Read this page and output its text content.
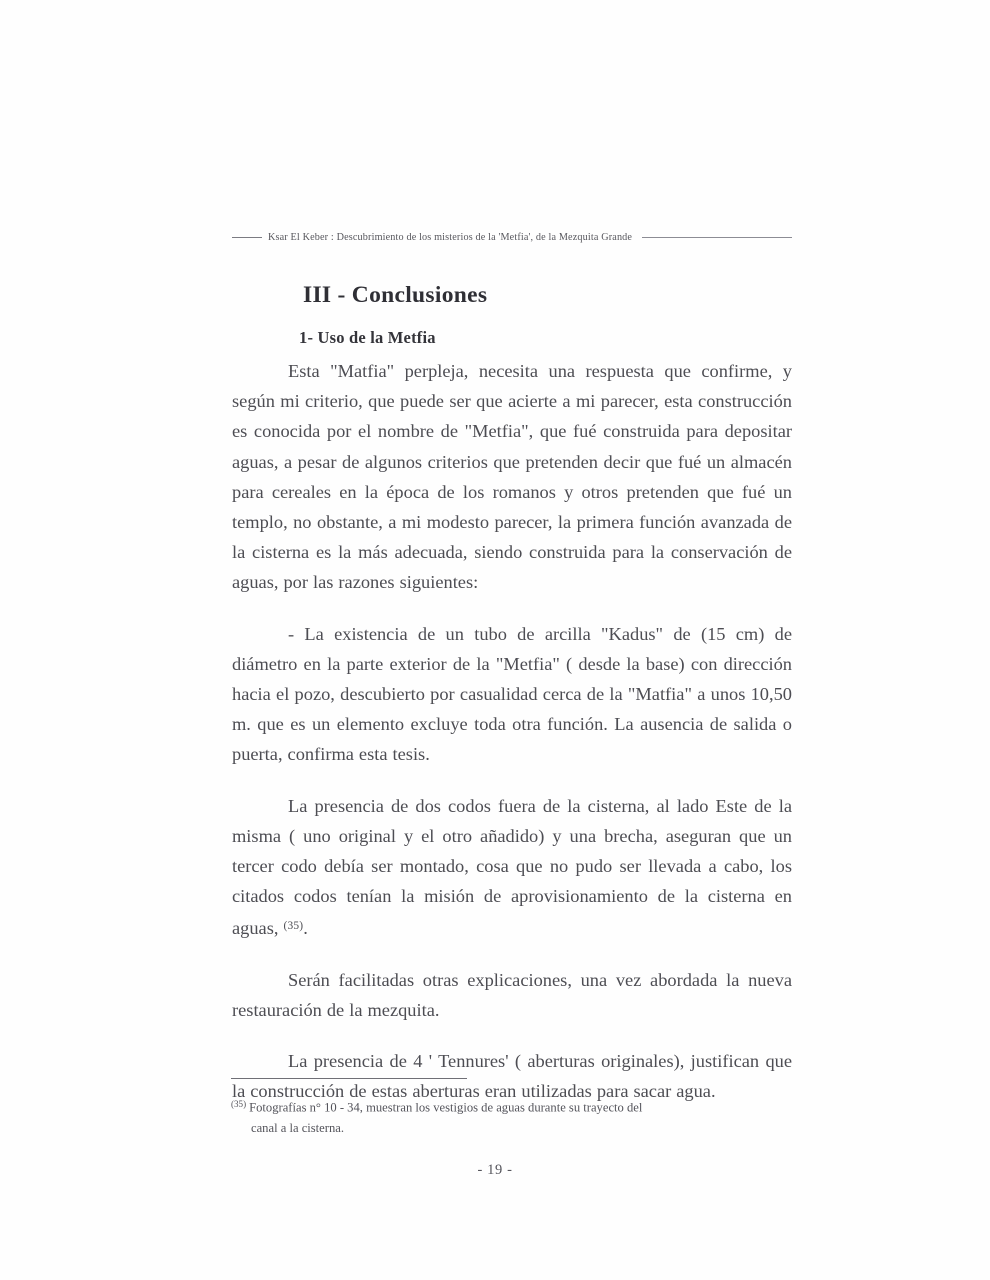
Ksar El Keber : Descubrimiento de los misterios de la 'Metfia', de la Mezquita Grande
III - Conclusiones
1- Uso de la Metfia

Esta "Matfia" perpleja, necesita una respuesta que confirme, y según mi criterio, que puede ser que acierte a mi parecer, esta construcción es conocida por el nombre de "Metfia", que fué construida para depositar aguas, a pesar de algunos criterios que pretenden decir que fué un almacén para cereales en la época de los romanos y otros pretenden que fué un templo, no obstante, a mi modesto parecer, la primera función avanzada de la cisterna es la más adecuada, siendo construida para la conservación de aguas, por las razones siguientes:

- La existencia de un tubo de arcilla "Kadus" de (15 cm) de diámetro en la parte exterior de la "Metfia" ( desde la base) con dirección hacia el pozo, descubierto por casualidad cerca de la "Matfia" a unos 10,50 m. que es un elemento excluye toda otra función. La ausencia de salida o puerta, confirma esta tesis.

La presencia de dos codos fuera de la cisterna, al lado Este de la misma ( uno original y el otro añadido) y una brecha, aseguran que un tercer codo debía ser montado, cosa que no pudo ser llevada a cabo, los citados codos tenían la misión de aprovisionamiento de la cisterna en aguas, $^{(35)}$.

Serán facilitadas otras explicaciones, una vez abordada la nueva restauración de la mezquita.

La presencia de 4 ' Tennures' ( aberturas originales), justifican que la construcción de estas aberturas eran utilizadas para sacar agua.

$^{(35)}$ Fotografías n° 10 - 34, muestran los vestigios de aguas durante su trayecto del
canal a la cisterna.
- 19 -
